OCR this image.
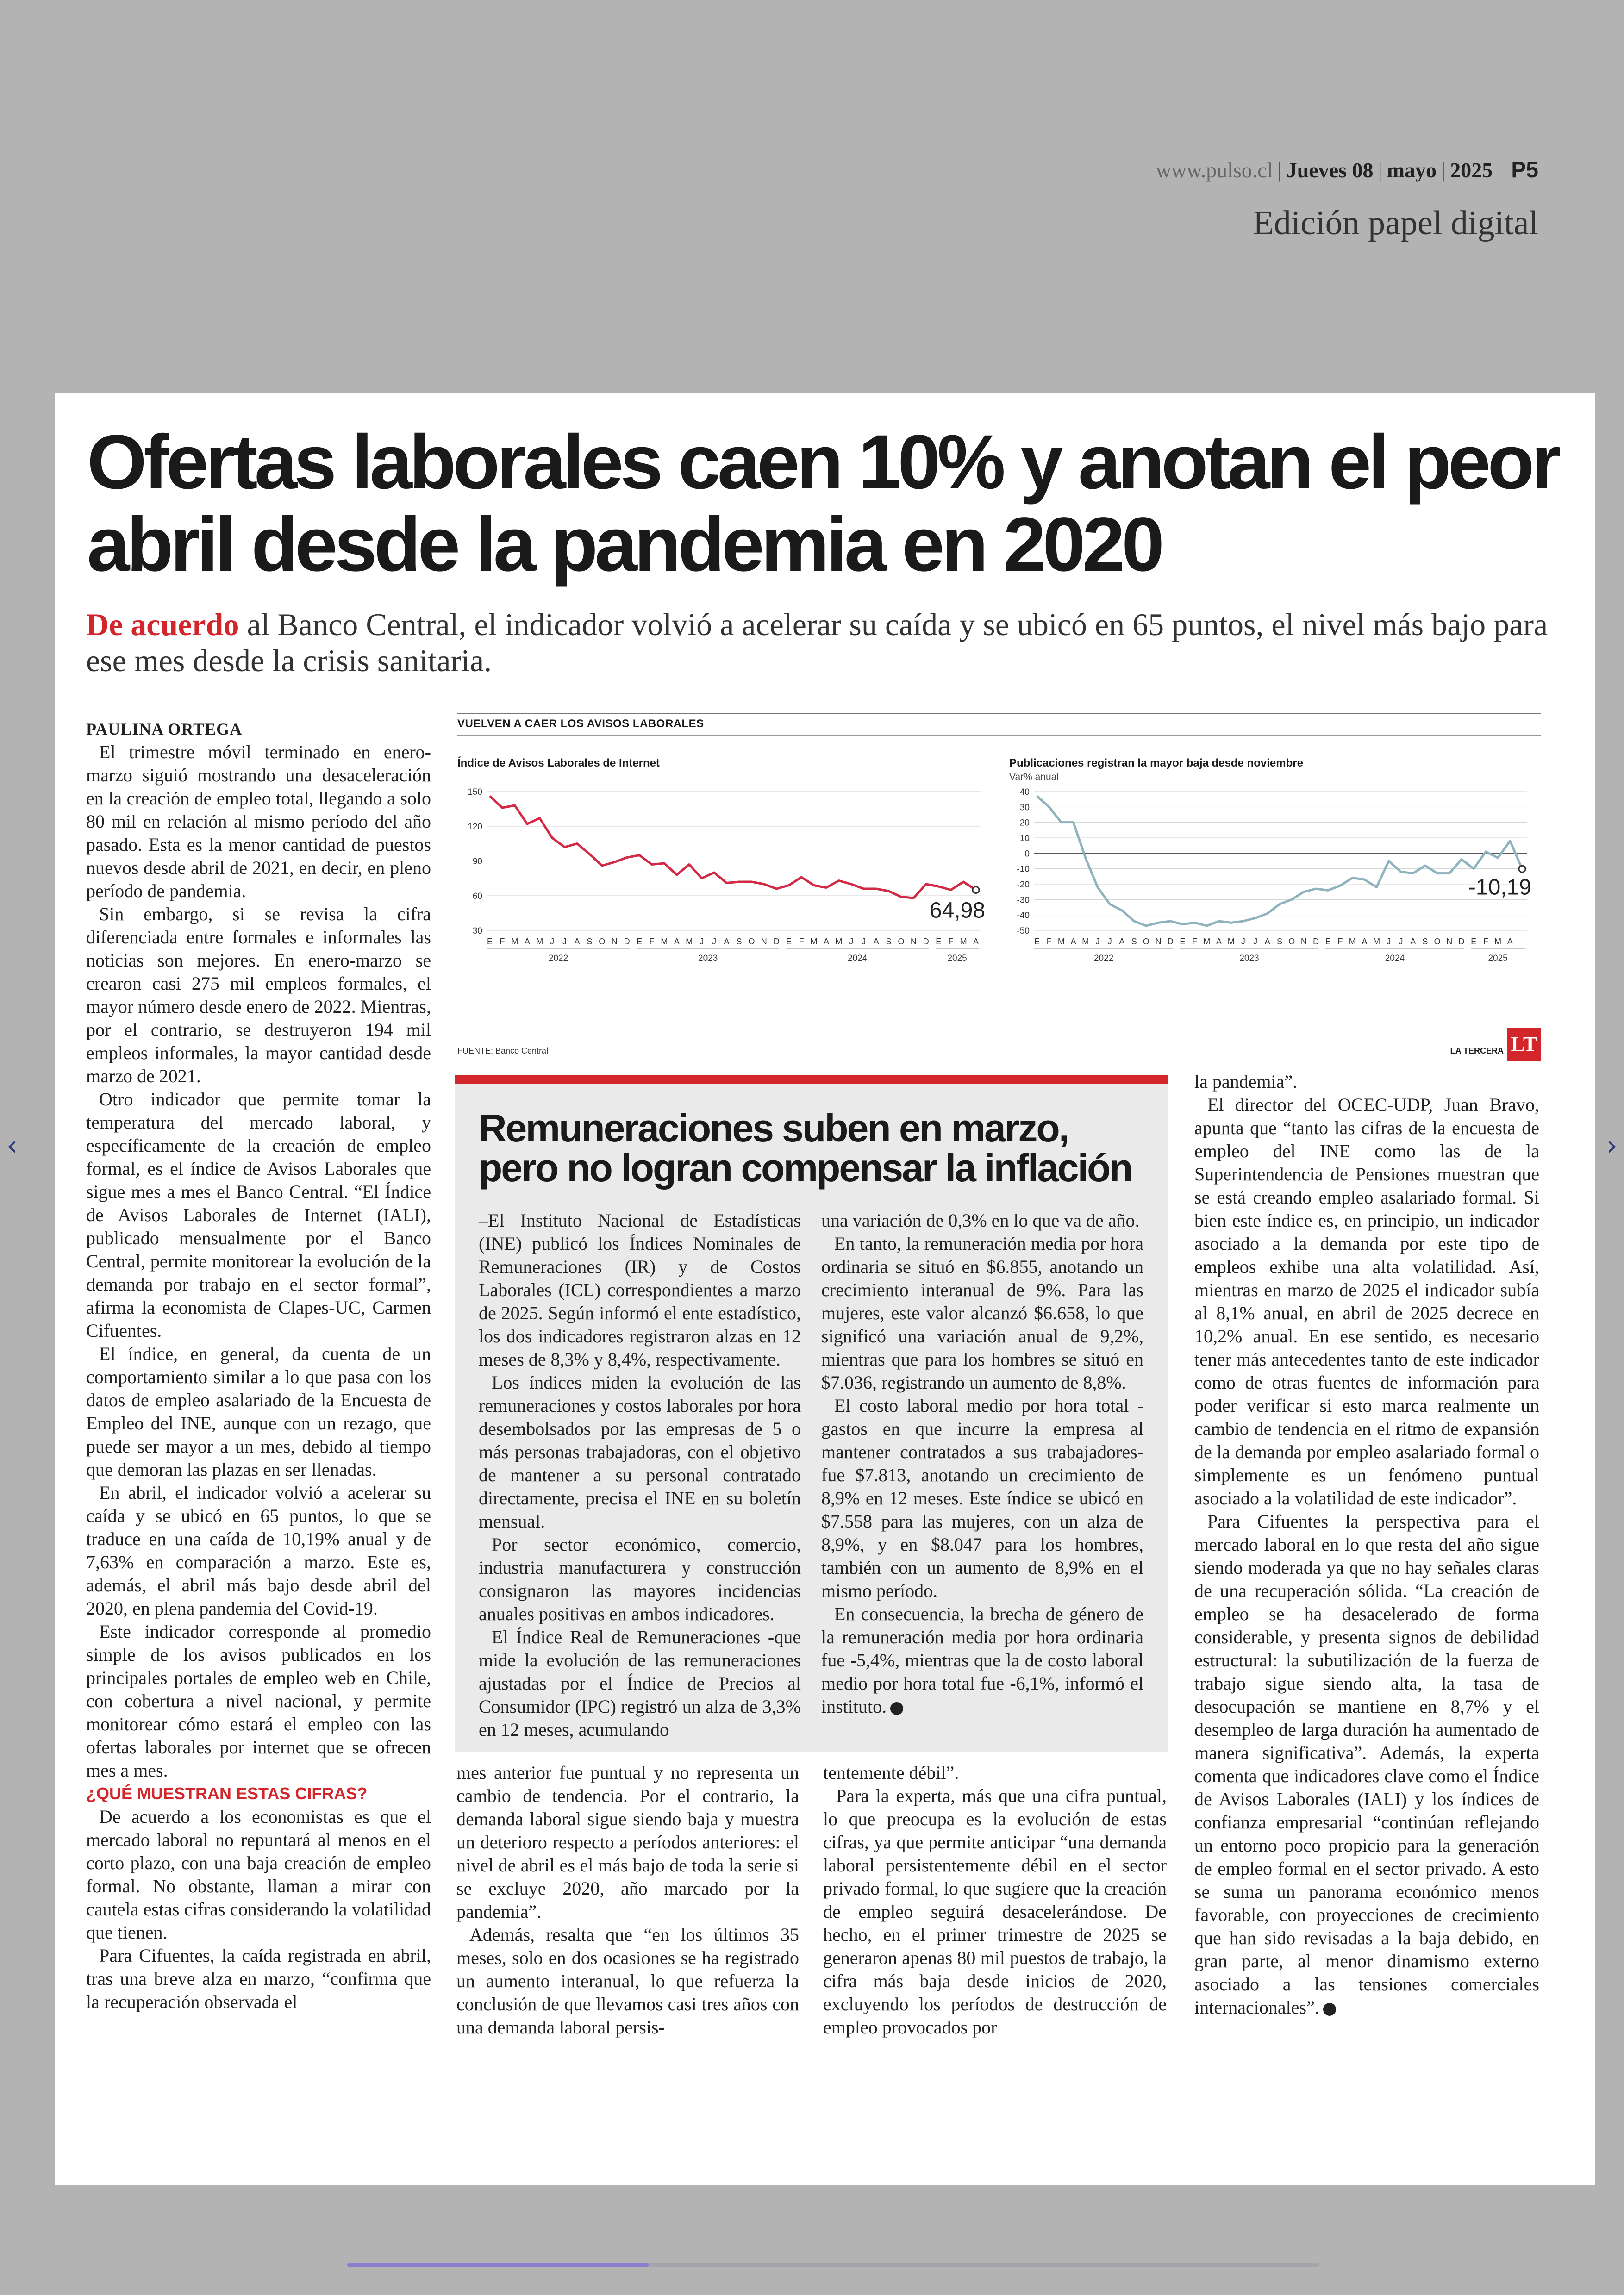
www.pulso.cl | Jueves 08 | mayo | 2025 P5
Edición papel digital
‹	›
Ofertas laborales caen 10% y anotan el peor abril desde la pandemia en 2020

De acuerdo al Banco Central, el indicador volvió a acelerar su caída y se ubicó en 65 puntos, el nivel más bajo para ese mes desde la crisis sanitaria.

PAULINA ORTEGA

El trimestre móvil terminado en enero-marzo siguió mostrando una desaceleración en la creación de empleo total, llegando a solo 80 mil en relación al mismo período del año pasado. Esta es la menor cantidad de puestos nuevos desde abril de 2021, en decir, en pleno período de pandemia.

Sin embargo, si se revisa la cifra diferenciada entre formales e informales las noticias son mejores. En enero-marzo se crearon casi 275 mil empleos formales, el mayor número desde enero de 2022. Mientras, por el contrario, se destruyeron 194 mil empleos informales, la mayor cantidad desde marzo de 2021.

Otro indicador que permite tomar la temperatura del mercado laboral, y específicamente de la creación de empleo formal, es el índice de Avisos Laborales que sigue mes a mes el Banco Central. “El Índice de Avisos Laborales de Internet (IALI), publicado mensualmente por el Banco Central, permite monitorear la evolución de la demanda por trabajo en el sector formal”, afirma la economista de Clapes-UC, Carmen Cifuentes.

El índice, en general, da cuenta de un comportamiento similar a lo que pasa con los datos de empleo asalariado de la Encuesta de Empleo del INE, aunque con un rezago, que puede ser mayor a un mes, debido al tiempo que demoran las plazas en ser llenadas.

En abril, el indicador volvió a acelerar su caída y se ubicó en 65 puntos, lo que se traduce en una caída de 10,19% anual y de 7,63% en comparación a marzo. Este es, además, el abril más bajo desde abril del 2020, en plena pandemia del Covid-19.

Este indicador corresponde al promedio simple de los avisos publicados en los principales portales de empleo web en Chile, con cobertura a nivel nacional, y permite monitorear cómo estará el empleo con las ofertas laborales por internet que se ofrecen mes a mes.

¿QUÉ MUESTRAN ESTAS CIFRAS?

De acuerdo a los economistas es que el mercado laboral no repuntará al menos en el corto plazo, con una baja creación de empleo formal. No obstante, llaman a mirar con cautela estas cifras considerando la volatilidad que tienen.

Para Cifuentes, la caída registrada en abril, tras una breve alza en marzo, “confirma que la recuperación observada el

VUELVEN A CAER LOS AVISOS LABORALES
Índice de Avisos Laborales de Internet	Publicaciones registran la mayor baja desde noviembre
Var% anual
30
60
90
120
150
E F M A M J J A S O N D E F M A M J J A S O N D E F M A M J J A S O N D E F M A
2022	2023	2024	2025
64,98
40
30
20
10
0
-10
-20
-30
-40
-50
E F M A M J J A S O N D E F M A M J J A S O N D E F M A M J J A S O N D E F M A
2022	2023	2024	2025
-10,19
FUENTE: Banco Central	LA TERCERA LT
Remuneraciones suben en marzo, pero no logran compensar la inflación

–El Instituto Nacional de Estadísticas (INE) publicó los Índices Nominales de Remuneraciones (IR) y de Costos Laborales (ICL) correspondientes a marzo de 2025. Según informó el ente estadístico, los dos indicadores registraron alzas en 12 meses de 8,3% y 8,4%, respectivamente.

Los índices miden la evolución de las remuneraciones y costos laborales por hora desembolsados por las empresas de 5 o más personas trabajadoras, con el objetivo de mantener a su personal contratado directamente, precisa el INE en su boletín mensual.

Por sector económico, comercio, industria manufacturera y construcción consignaron las mayores incidencias anuales positivas en ambos indicadores.

El Índice Real de Remuneraciones -que mide la evolución de las remuneraciones ajustadas por el Índice de Precios al Consumidor (IPC) registró un alza de 3,3% en 12 meses, acumulando

una variación de 0,3% en lo que va de año.

En tanto, la remuneración media por hora ordinaria se situó en $6.855, anotando un crecimiento interanual de 9%. Para las mujeres, este valor alcanzó $6.658, lo que significó una variación anual de 9,2%, mientras que para los hombres se situó en $7.036, registrando un aumento de 8,8%.

El costo laboral medio por hora total -gastos en que incurre la empresa al mantener contratados a sus trabajadores- fue $7.813, anotando un crecimiento de 8,9% en 12 meses. Este índice se ubicó en $7.558 para las mujeres, con un alza de 8,9%, y en $8.047 para los hombres, también con un aumento de 8,9% en el mismo período.

En consecuencia, la brecha de género de la remuneración media por hora ordinaria fue -5,4%, mientras que la de costo laboral medio por hora total fue -6,1%, informó el instituto.

mes anterior fue puntual y no representa un cambio de tendencia. Por el contrario, la demanda laboral sigue siendo baja y muestra un deterioro respecto a períodos anteriores: el nivel de abril es el más bajo de toda la serie si se excluye 2020, año marcado por la pandemia”.

Además, resalta que “en los últimos 35 meses, solo en dos ocasiones se ha registrado un aumento interanual, lo que refuerza la conclusión de que llevamos casi tres años con una demanda laboral persis-

tentemente débil”.

Para la experta, más que una cifra puntual, lo que preocupa es la evolución de estas cifras, ya que permite anticipar “una demanda laboral persistentemente débil en el sector privado formal, lo que sugiere que la creación de empleo seguirá desacelerándose. De hecho, en el primer trimestre de 2025 se generaron apenas 80 mil puestos de trabajo, la cifra más baja desde inicios de 2020, excluyendo los períodos de destrucción de empleo provocados por

la pandemia”.

El director del OCEC-UDP, Juan Bravo, apunta que “tanto las cifras de la encuesta de empleo del INE como las de la Superintendencia de Pensiones muestran que se está creando empleo asalariado formal. Si bien este índice es, en principio, un indicador asociado a la demanda por este tipo de empleos exhibe una alta volatilidad. Así, mientras en marzo de 2025 el indicador subía al 8,1% anual, en abril de 2025 decrece en 10,2% anual. En ese sentido, es necesario tener más antecedentes tanto de este indicador como de otras fuentes de información para poder verificar si esto marca realmente un cambio de tendencia en el ritmo de expansión de la demanda por empleo asalariado formal o simplemente es un fenómeno puntual asociado a la volatilidad de este indicador”.

Para Cifuentes la perspectiva para el mercado laboral en lo que resta del año sigue siendo moderada ya que no hay señales claras de una recuperación sólida. “La creación de empleo se ha desacelerado de forma considerable, y presenta signos de debilidad estructural: la subutilización de la fuerza de trabajo sigue siendo alta, la tasa de desocupación se mantiene en 8,7% y el desempleo de larga duración ha aumentado de manera significativa”. Además, la experta comenta que indicadores clave como el Índice de Avisos Laborales (IALI) y los índices de confianza empresarial “continúan reflejando un entorno poco propicio para la generación de empleo formal en el sector privado. A esto se suma un panorama económico menos favorable, con proyecciones de crecimiento que han sido revisadas a la baja debido, en gran parte, al menor dinamismo externo asociado a las tensiones comerciales internacionales”.
